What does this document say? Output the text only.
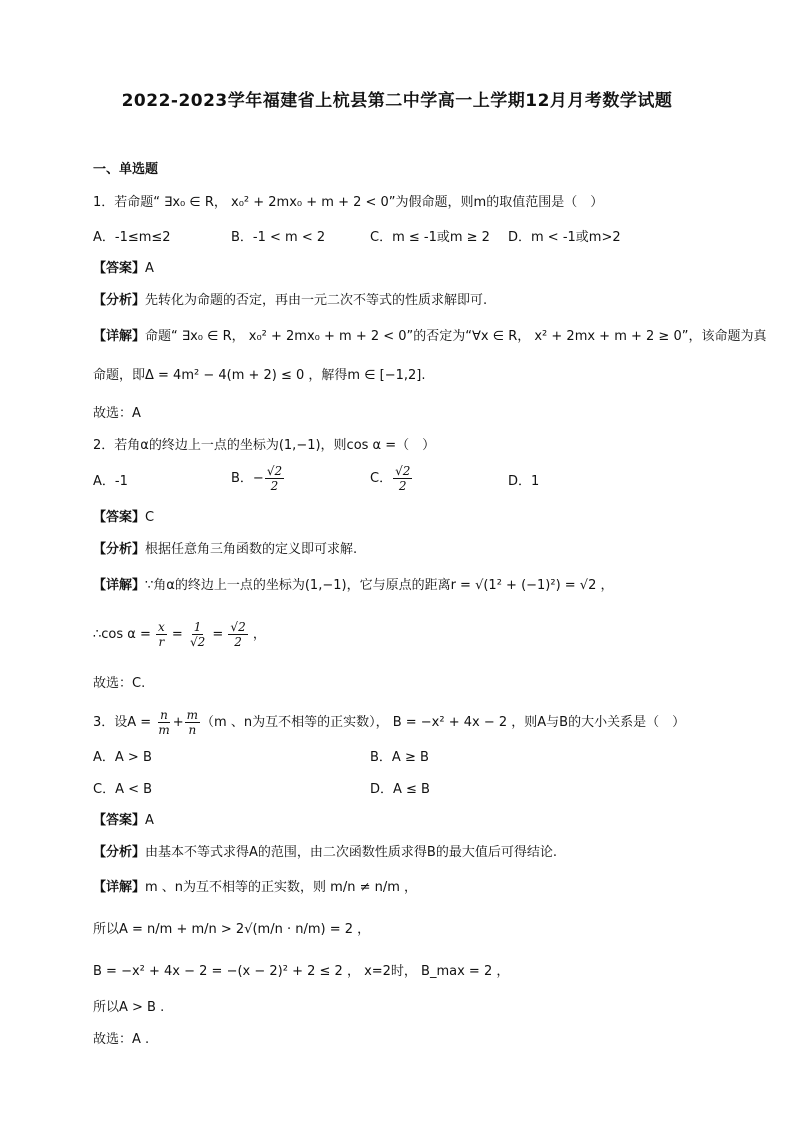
2022-2023学年福建省上杭县第二中学高一上学期12月月考数学试题
一、单选题
1．若命题“ ∃x₀ ∈ R， x₀² + 2mx₀ + m + 2 < 0”为假命题，则m的取值范围是（　）
A．-1≤m≤2	B．-1 < m < 2	C．m ≤ -1或m ≥ 2 D．m < -1或m>2
【答案】A
【分析】先转化为命题的否定，再由一元二次不等式的性质求解即可.
【详解】命题“ ∃x₀ ∈ R， x₀² + 2mx₀ + m + 2 < 0”的否定为“∀x ∈ R， x² + 2mx + m + 2 ≥ 0”，该命题为真
命题，即Δ = 4m² − 4(m + 2) ≤ 0 ，解得m ∈ [−1,2].
故选：A
2．若角α的终边上一点的坐标为(1,−1)，则cos α =（　）
A．-1	B．− $\frac{√2}{2}$	C． $\frac{√2}{2}$	D．1
【答案】C
【分析】根据任意角三角函数的定义即可求解.
【详解】∵角α的终边上一点的坐标为(1,−1)，它与原点的距离r = √(1² + (−1)²) = √2 ，
∴cos $\alpha = \frac{x}{r} = \frac{1}{√2} = \frac{√2}{2}$ ，
故选：C.
3．设$A = \frac{n}{m} + \frac{m}{n} (m$ 、n为互不相等的正实数）， B = −x² + 4x − 2 ，则A与B的大小关系是（　）
A．A > B	B．A ≥ B
C．A < B	D．A ≤ B
【答案】A
【分析】由基本不等式求得A的范围，由二次函数性质求得B的最大值后可得结论.
【详解】m 、n为互不相等的正实数，则 m/n ≠ n/m ，
所以A = n/m + m/n > 2√(m/n · n/m) = 2 ，
B = −x² + 4x − 2 = −(x − 2)² + 2 ≤ 2 ， x=2时， B_max = 2 ，
所以A > B .
故选：A .
